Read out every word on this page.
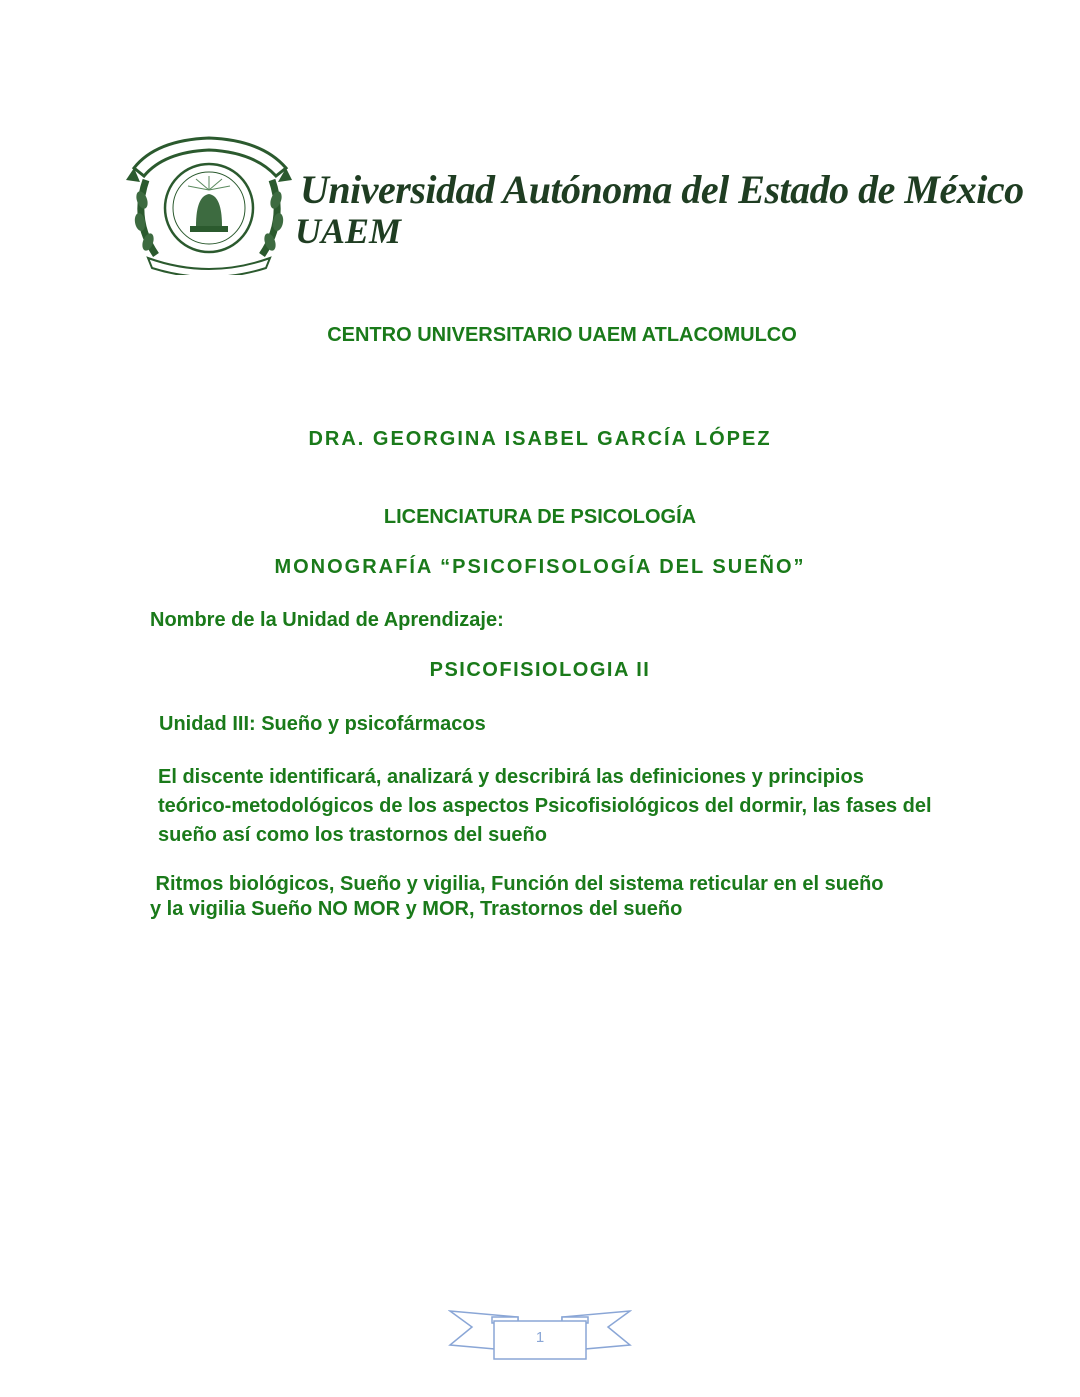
Universidad Autónoma del Estado de México
UAEM
CENTRO UNIVERSITARIO UAEM ATLACOMULCO
DRA. GEORGINA ISABEL GARCÍA LÓPEZ
LICENCIATURA DE PSICOLOGÍA
MONOGRAFÍA “PSICOFISOLOGÍA DEL SUEÑO”
Nombre de la Unidad de Aprendizaje:
PSICOFISIOLOGIA II
Unidad III: Sueño y psicofármacos
El discente identificará, analizará y describirá las definiciones y principios teórico-metodológicos de los aspectos Psicofisiológicos del dormir, las fases del sueño así como los trastornos del sueño
Ritmos biológicos, Sueño y vigilia, Función del sistema reticular en el sueño
y la vigilia Sueño NO MOR y MOR, Trastornos del sueño
1
